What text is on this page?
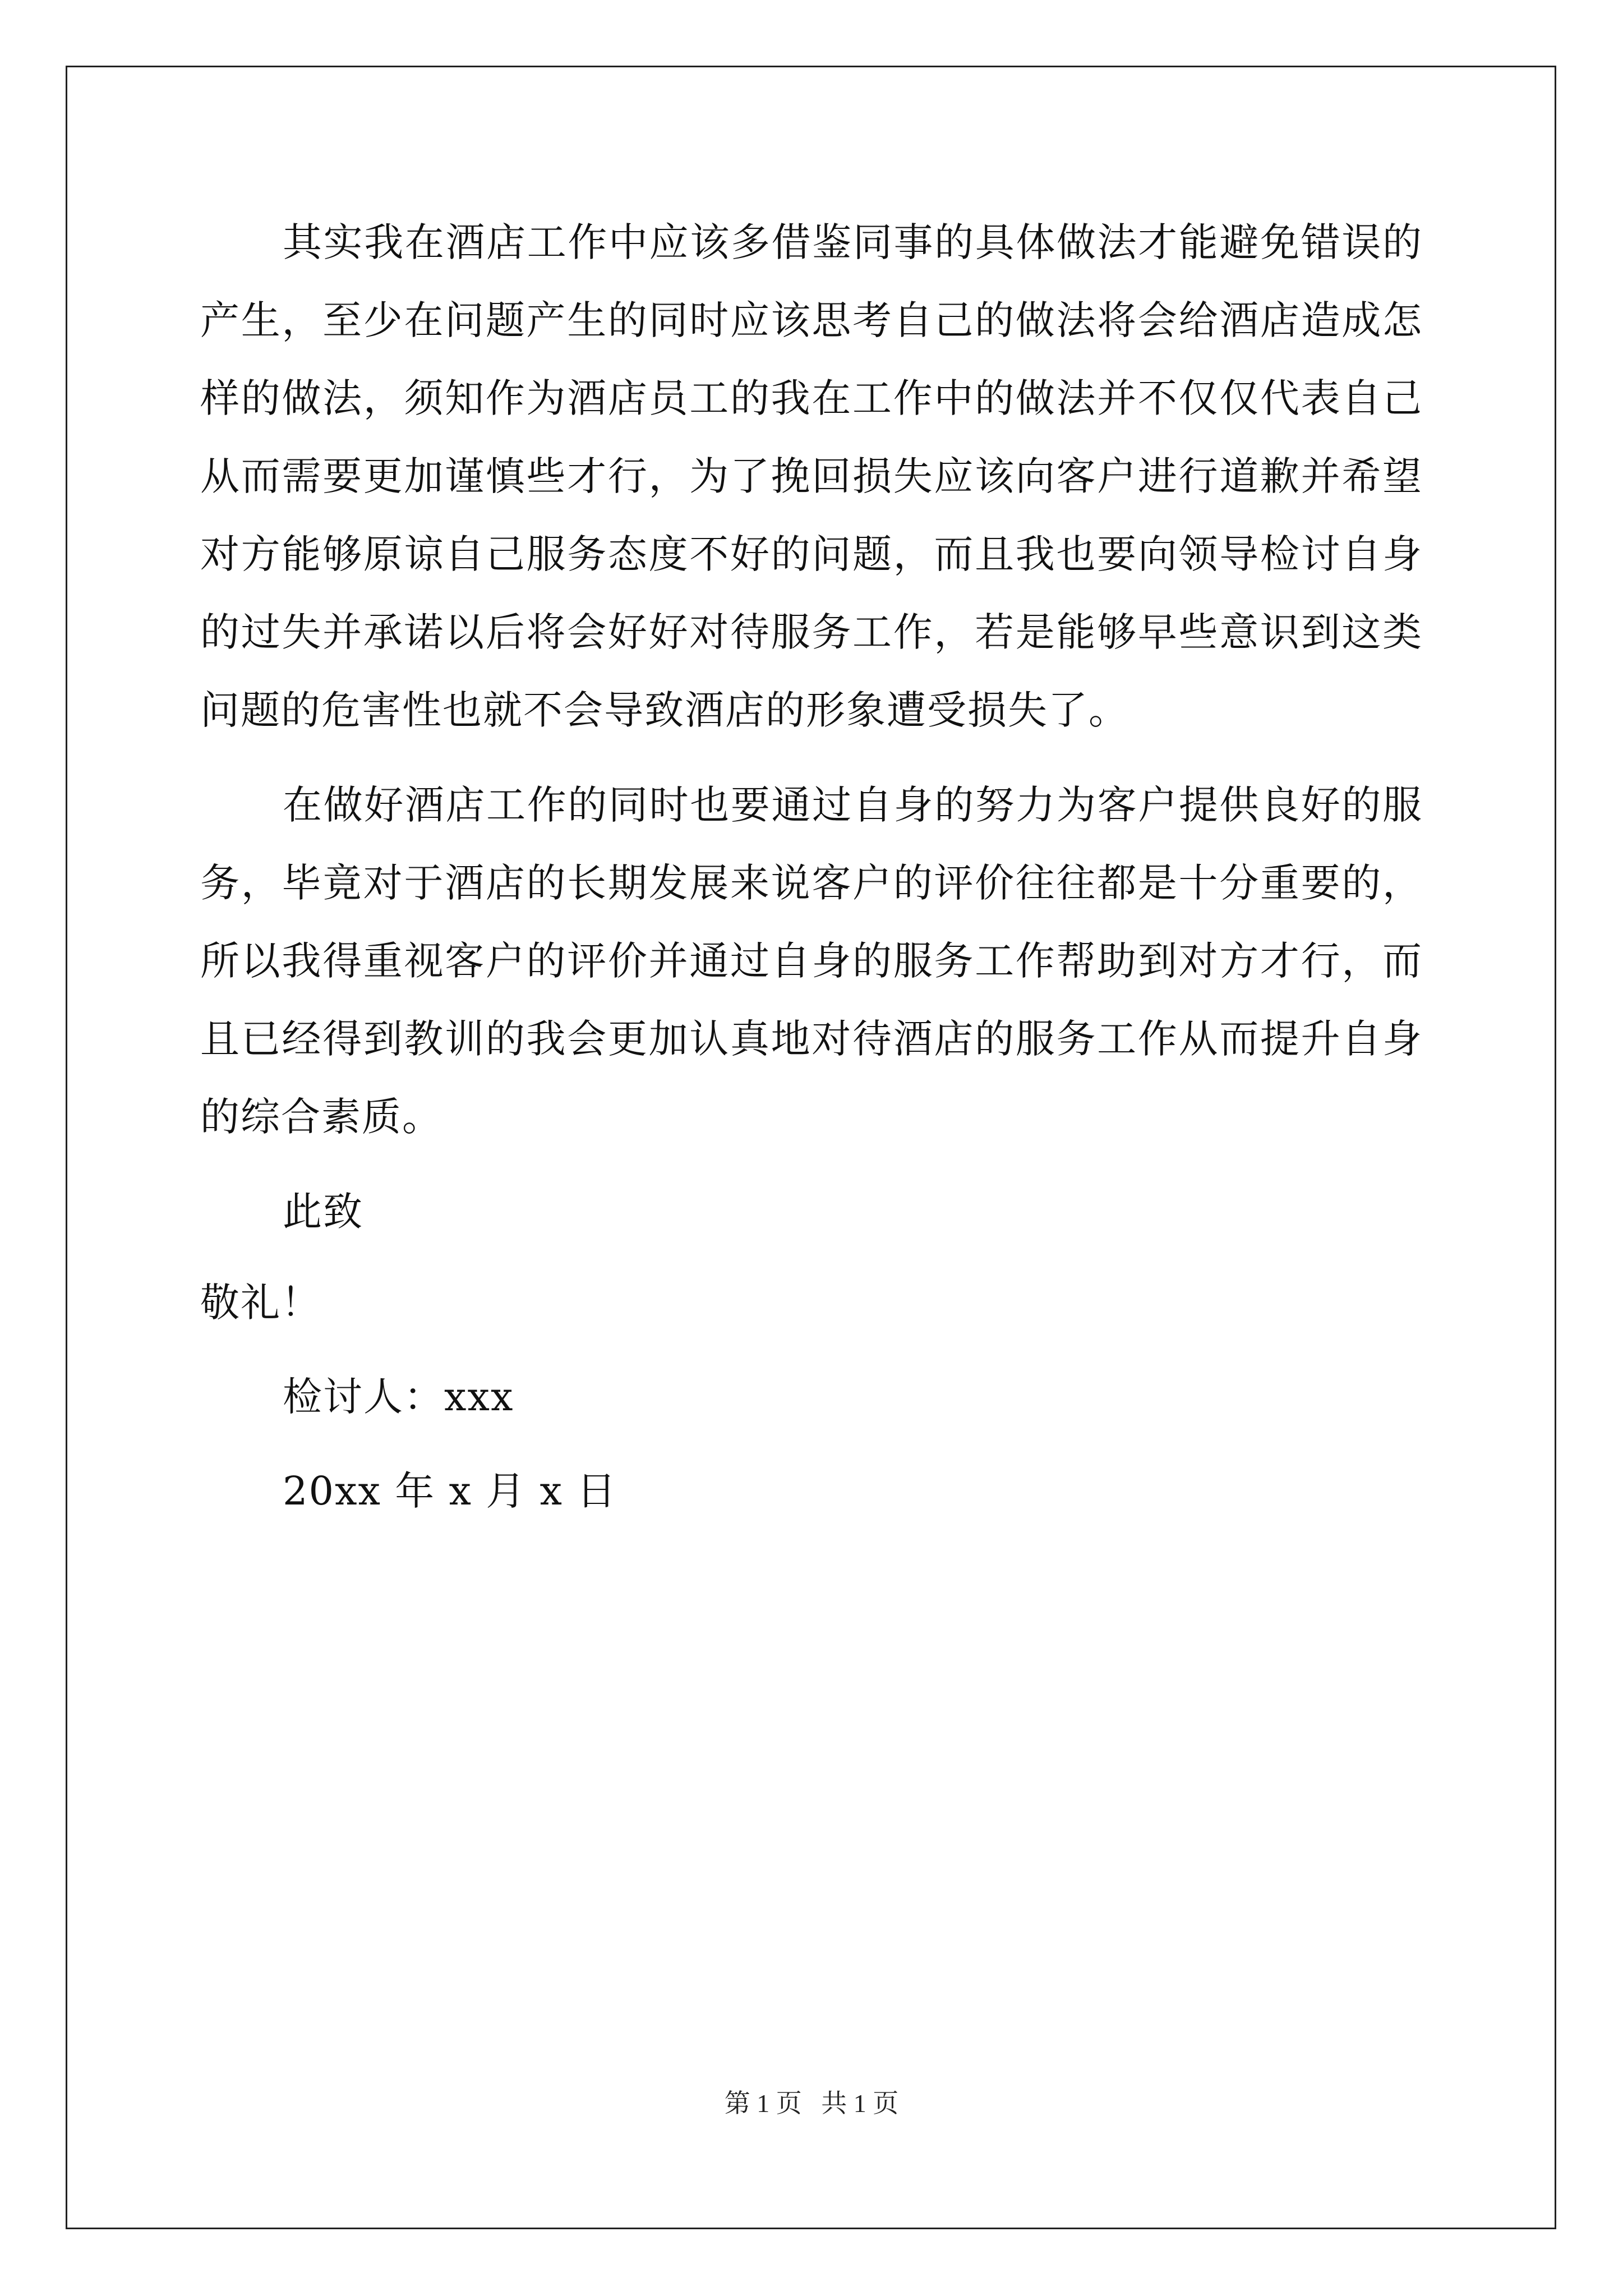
其实我在酒店工作中应该多借鉴同事的具体做法才能避免错误的
产生，至少在问题产生的同时应该思考自己的做法将会给酒店造成怎
样的做法，须知作为酒店员工的我在工作中的做法并不仅仅代表自己
从而需要更加谨慎些才行，为了挽回损失应该向客户进行道歉并希望
对方能够原谅自己服务态度不好的问题，而且我也要向领导检讨自身
的过失并承诺以后将会好好对待服务工作，若是能够早些意识到这类
问题的危害性也就不会导致酒店的形象遭受损失了。
在做好酒店工作的同时也要通过自身的努力为客户提供良好的服
务，毕竟对于酒店的长期发展来说客户的评价往往都是十分重要的，
所以我得重视客户的评价并通过自身的服务工作帮助到对方才行，而
且已经得到教训的我会更加认真地对待酒店的服务工作从而提升自身
的综合素质。
此致
敬礼！
检讨人：xxx
20xx 年 x 月 x 日
第 1 页   共 1 页
